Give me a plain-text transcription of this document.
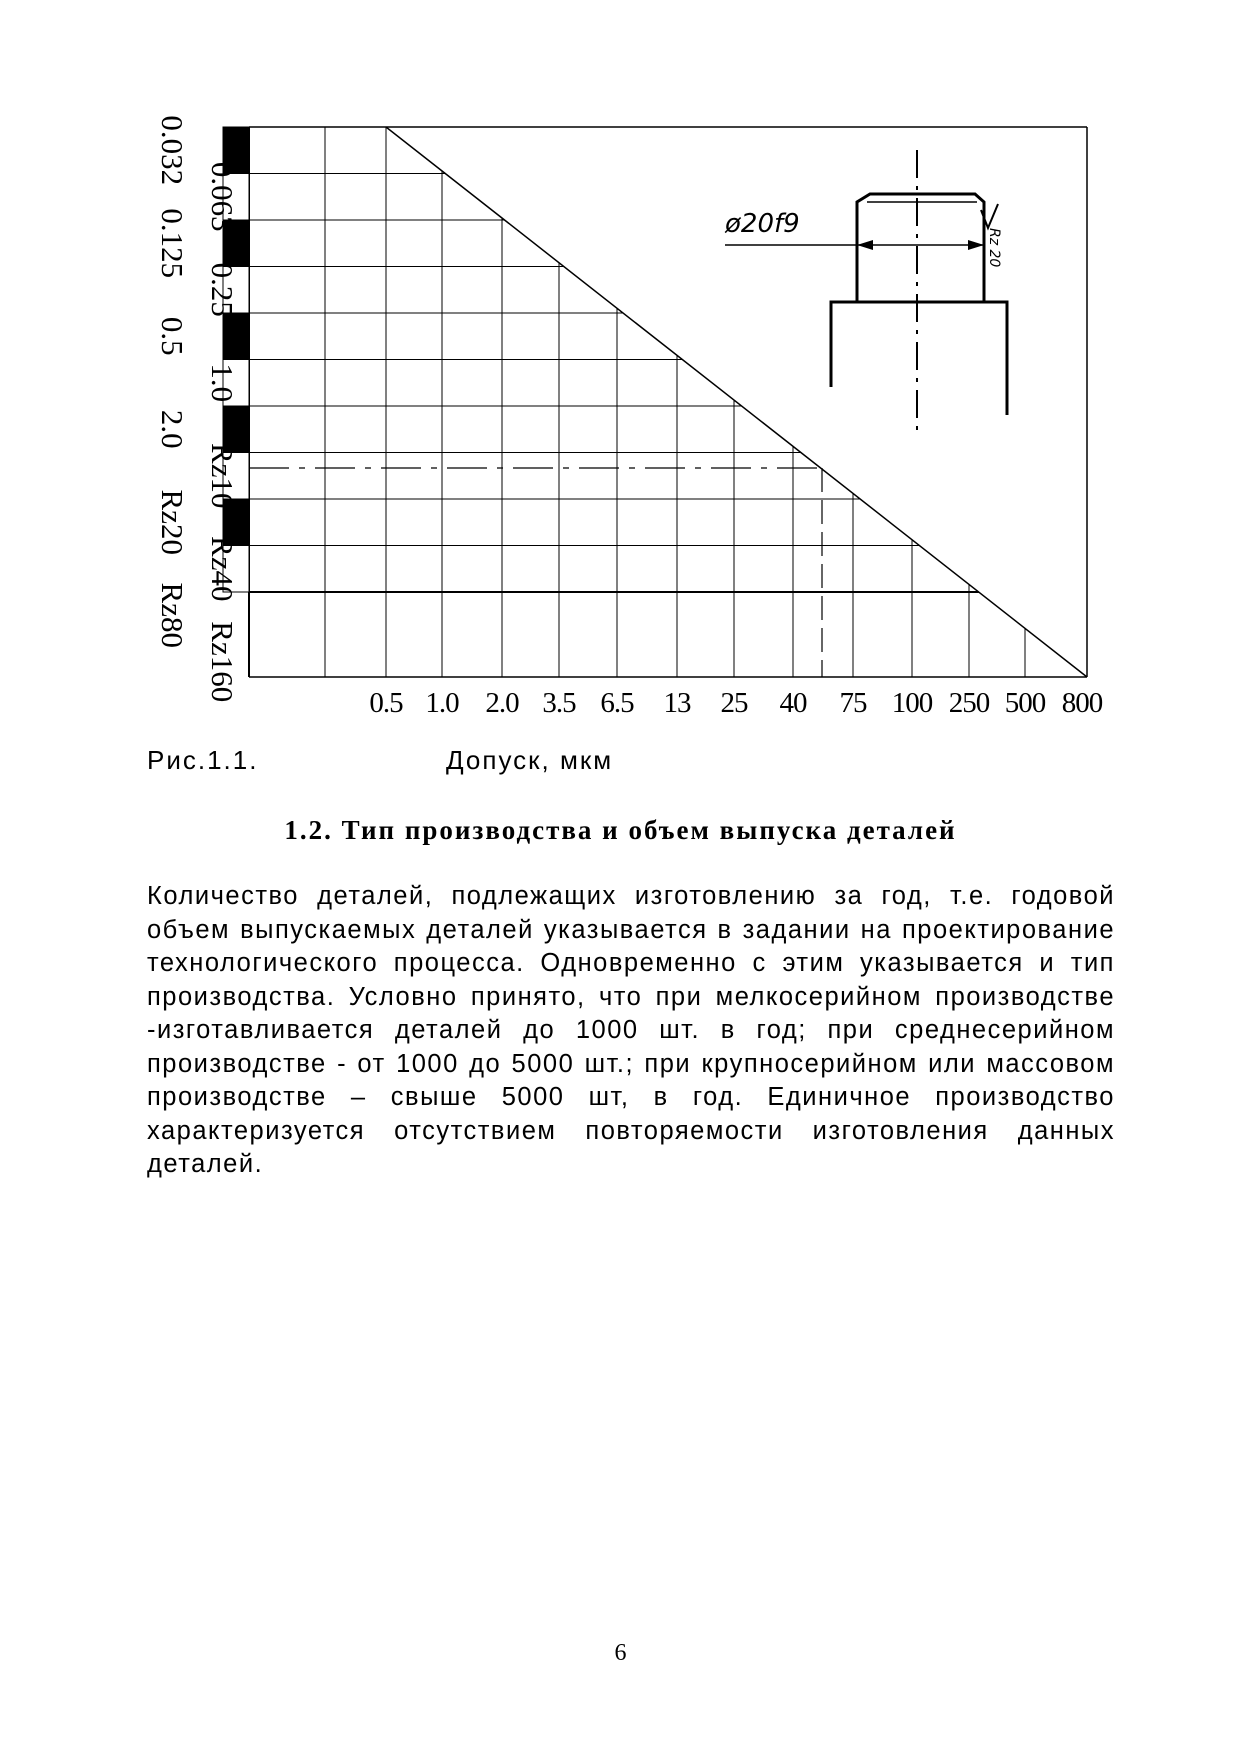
0.032
0.125
0.5
2.0
Rz20
Rz80
0.063
0.25
1.0
Rz10
Rz40
Rz160
0.5 1.0 2.0 3.5 6.5 13 25 40 75 100 250 500 800
ø20f9
Rz 20
Рис.1.1.	Допуск, мкм
1.2. Тип производства и объем выпуска деталей
Количество деталей, подлежащих изготовлению за год, т.е. годовой объем выпускаемых деталей указывается в задании на проектирование технологического процесса. Одновременно с этим указывается и тип производства. Условно принято, что при мелкосерийном производстве -изготавливается деталей до 1000 шт. в год; при среднесерийном производстве - от 1000 до 5000 шт.; при крупносерийном или массовом производстве – свыше 5000 шт, в год. Единичное производство характеризуется отсутствием повторяемости изготовления данных деталей.
6
